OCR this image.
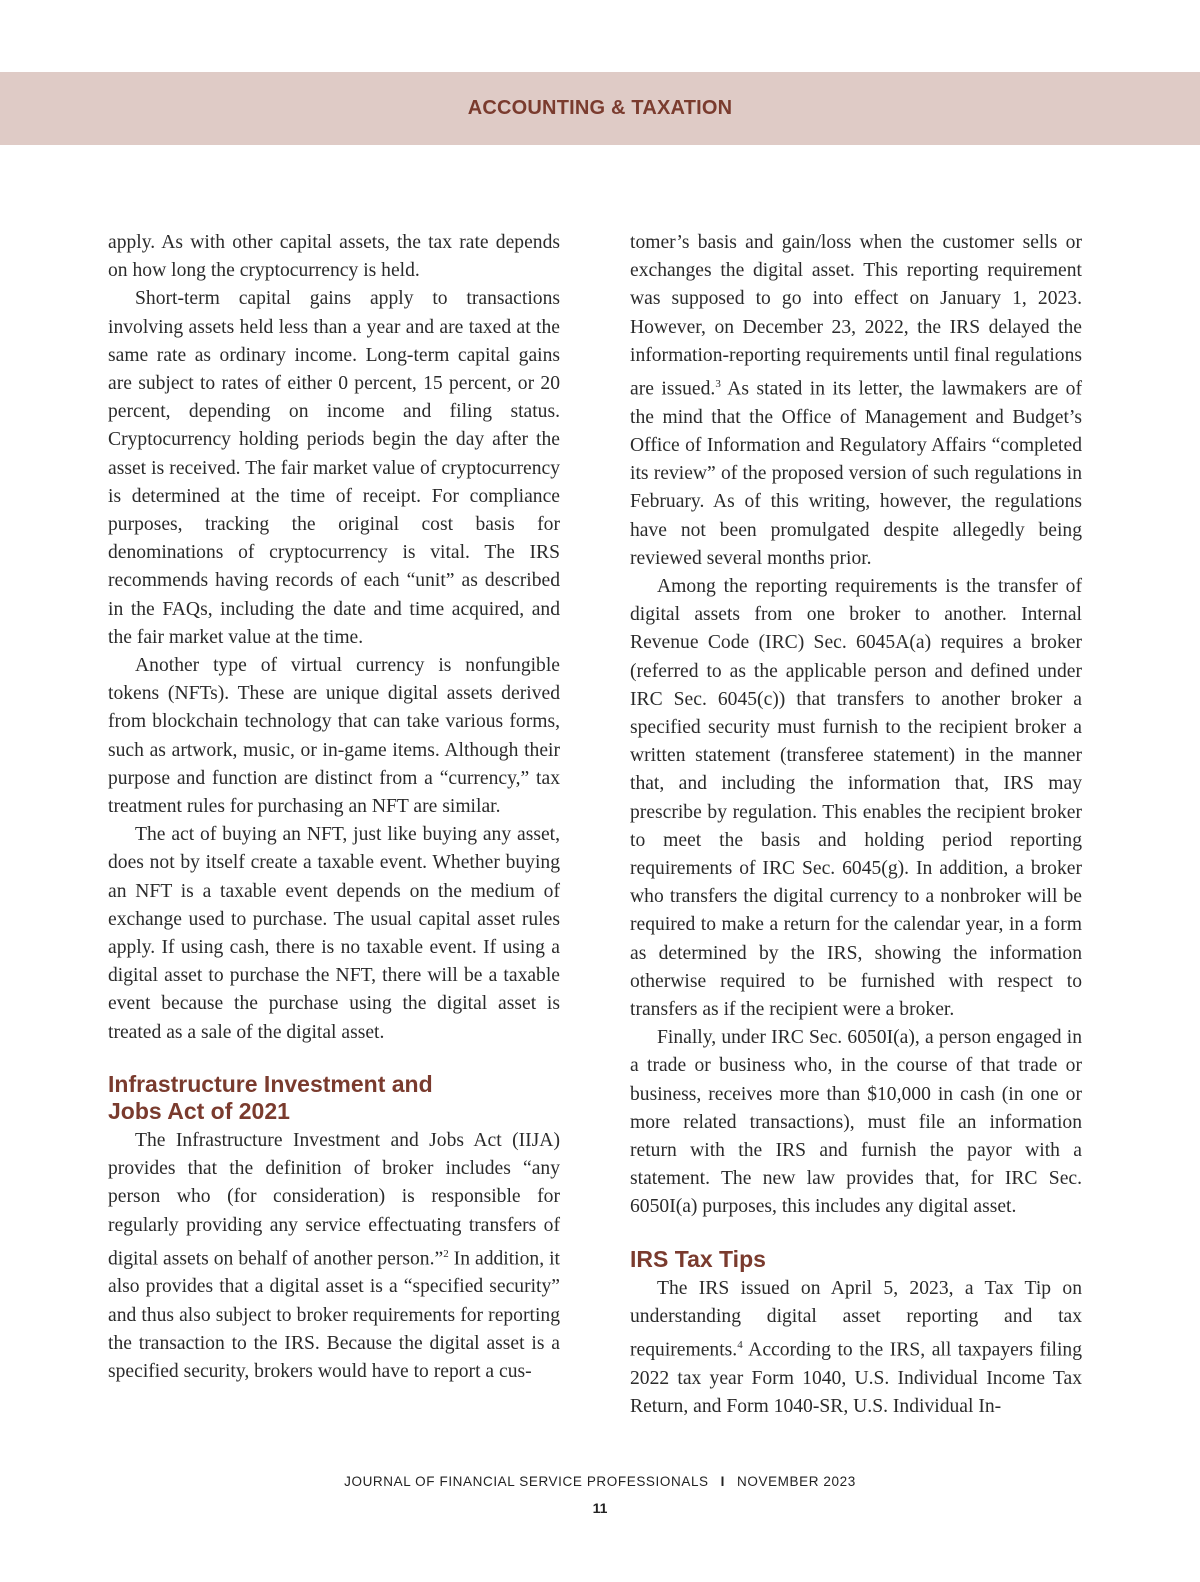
ACCOUNTING & TAXATION

apply. As with other capital assets, the tax rate depends on how long the cryptocurrency is held.

Short-term capital gains apply to transactions involving assets held less than a year and are taxed at the same rate as ordinary income. Long-term capital gains are subject to rates of either 0 percent, 15 percent, or 20 percent, depending on income and filing status. Cryptocurrency holding periods begin the day after the asset is received. The fair market value of cryptocurrency is determined at the time of receipt. For compliance purposes, tracking the original cost basis for denominations of cryptocurrency is vital. The IRS recommends having records of each “unit” as described in the FAQs, including the date and time acquired, and the fair market value at the time.

Another type of virtual currency is nonfungible tokens (NFTs). These are unique digital assets derived from blockchain technology that can take various forms, such as artwork, music, or in-game items. Although their purpose and function are distinct from a “currency,” tax treatment rules for purchasing an NFT are similar.

The act of buying an NFT, just like buying any asset, does not by itself create a taxable event. Whether buying an NFT is a taxable event depends on the medium of exchange used to purchase. The usual capital asset rules apply. If using cash, there is no taxable event. If using a digital asset to purchase the NFT, there will be a taxable event because the purchase using the digital asset is treated as a sale of the digital asset.

Infrastructure Investment and
Jobs Act of 2021

The Infrastructure Investment and Jobs Act (IIJA) provides that the definition of broker includes “any person who (for consideration) is responsible for regularly providing any service effectuating transfers of digital assets on behalf of another person.”$^2$ In addition, it also provides that a digital asset is a “specified security” and thus also subject to broker requirements for reporting the transaction to the IRS. Because the digital asset is a specified security, brokers would have to report a cus-

tomer’s basis and gain/loss when the customer sells or exchanges the digital asset. This reporting requirement was supposed to go into effect on January 1, 2023. However, on December 23, 2022, the IRS delayed the information-reporting requirements until final regulations are issued.$^3$ As stated in its letter, the lawmakers are of the mind that the Office of Management and Budget’s Office of Information and Regulatory Affairs “completed its review” of the proposed version of such regulations in February. As of this writing, however, the regulations have not been promulgated despite allegedly being reviewed several months prior.

Among the reporting requirements is the transfer of digital assets from one broker to another. Internal Revenue Code (IRC) Sec. 6045A(a) requires a broker (referred to as the applicable person and defined under IRC Sec. 6045(c)) that transfers to another broker a specified security must furnish to the recipient broker a written statement (transferee statement) in the manner that, and including the information that, IRS may prescribe by regulation. This enables the recipient broker to meet the basis and holding period reporting requirements of IRC Sec. 6045(g). In addition, a broker who transfers the digital currency to a nonbroker will be required to make a return for the calendar year, in a form as determined by the IRS, showing the information otherwise required to be furnished with respect to transfers as if the recipient were a broker.

Finally, under IRC Sec. 6050I(a), a person engaged in a trade or business who, in the course of that trade or business, receives more than $10,000 in cash (in one or more related transactions), must file an information return with the IRS and furnish the payor with a statement. The new law provides that, for IRC Sec. 6050I(a) purposes, this includes any digital asset.

IRS Tax Tips

The IRS issued on April 5, 2023, a Tax Tip on understanding digital asset reporting and tax requirements.$^4$ According to the IRS, all taxpayers filing 2022 tax year Form 1040, U.S. Individual Income Tax Return, and Form 1040-SR, U.S. Individual In-

JOURNAL OF FINANCIAL SERVICE PROFESSIONALS I NOVEMBER 2023
11
